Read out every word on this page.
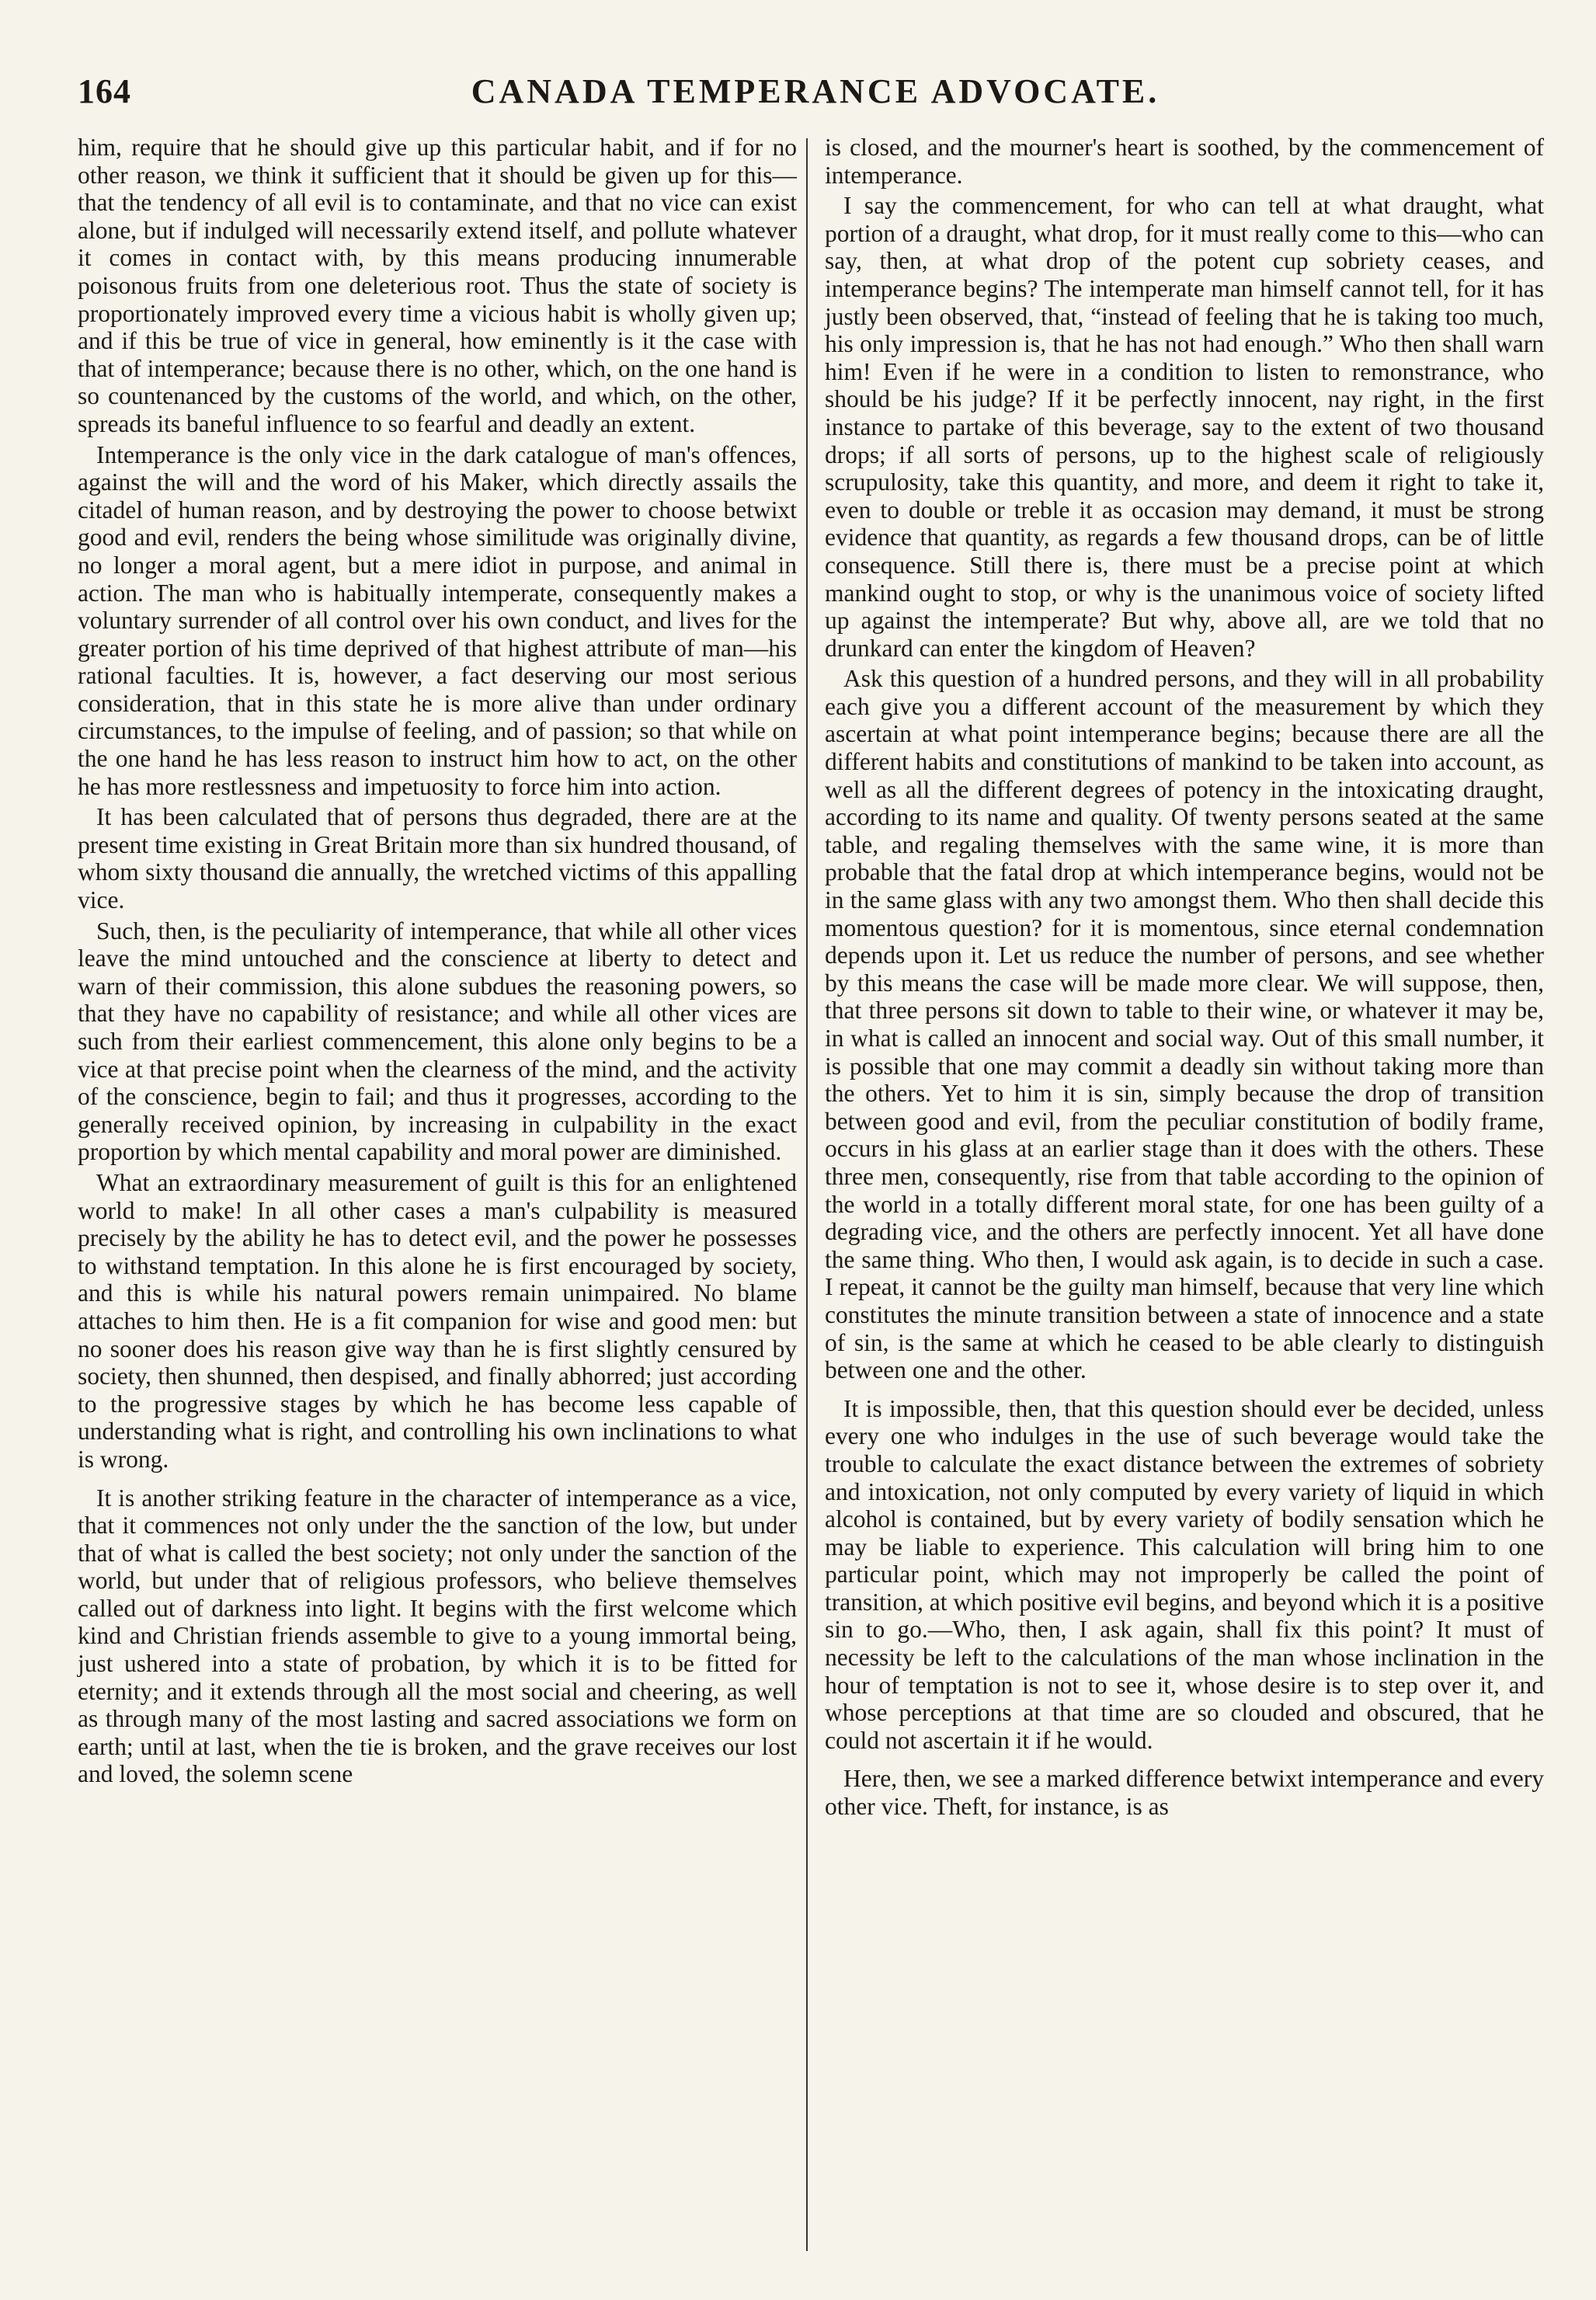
164	CANADA TEMPERANCE ADVOCATE.

him, require that he should give up this particular habit, and if for no other reason, we think it sufficient that it should be given up for this—that the tendency of all evil is to contaminate, and that no vice can exist alone, but if indulged will necessarily extend itself, and pollute whatever it comes in contact with, by this means producing innumerable poisonous fruits from one deleterious root. Thus the state of society is proportionately improved every time a vicious habit is wholly given up; and if this be true of vice in general, how eminently is it the case with that of intemperance; because there is no other, which, on the one hand is so countenanced by the customs of the world, and which, on the other, spreads its baneful influence to so fearful and deadly an extent.

Intemperance is the only vice in the dark catalogue of man's offences, against the will and the word of his Maker, which directly assails the citadel of human reason, and by destroying the power to choose betwixt good and evil, renders the being whose similitude was originally divine, no longer a moral agent, but a mere idiot in purpose, and animal in action. The man who is habitually intemperate, consequently makes a voluntary surrender of all control over his own conduct, and lives for the greater portion of his time deprived of that highest attribute of man—his rational faculties. It is, however, a fact deserving our most serious consideration, that in this state he is more alive than under ordinary circumstances, to the impulse of feeling, and of passion; so that while on the one hand he has less reason to instruct him how to act, on the other he has more restlessness and impetuosity to force him into action.

It has been calculated that of persons thus degraded, there are at the present time existing in Great Britain more than six hundred thousand, of whom sixty thousand die annually, the wretched victims of this appalling vice.

Such, then, is the peculiarity of intemperance, that while all other vices leave the mind untouched and the conscience at liberty to detect and warn of their commission, this alone subdues the reasoning powers, so that they have no capability of resistance; and while all other vices are such from their earliest commencement, this alone only begins to be a vice at that precise point when the clearness of the mind, and the activity of the conscience, begin to fail; and thus it progresses, according to the generally received opinion, by increasing in culpability in the exact proportion by which mental capability and moral power are diminished.

What an extraordinary measurement of guilt is this for an enlightened world to make! In all other cases a man's culpability is measured precisely by the ability he has to detect evil, and the power he possesses to withstand temptation. In this alone he is first encouraged by society, and this is while his natural powers remain unimpaired. No blame attaches to him then. He is a fit companion for wise and good men: but no sooner does his reason give way than he is first slightly censured by society, then shunned, then despised, and finally abhorred; just according to the progressive stages by which he has become less capable of understanding what is right, and controlling his own inclinations to what is wrong.

It is another striking feature in the character of intemperance as a vice, that it commences not only under the the sanction of the low, but under that of what is called the best society; not only under the sanction of the world, but under that of religious professors, who believe themselves called out of darkness into light. It begins with the first welcome which kind and Christian friends assemble to give to a young immortal being, just ushered into a state of probation, by which it is to be fitted for eternity; and it extends through all the most social and cheering, as well as through many of the most lasting and sacred associations we form on earth; until at last, when the tie is broken, and the grave receives our lost and loved, the solemn scene

is closed, and the mourner's heart is soothed, by the commencement of intemperance.

I say the commencement, for who can tell at what draught, what portion of a draught, what drop, for it must really come to this—who can say, then, at what drop of the potent cup sobriety ceases, and intemperance begins? The intemperate man himself cannot tell, for it has justly been observed, that, “instead of feeling that he is taking too much, his only impression is, that he has not had enough.” Who then shall warn him! Even if he were in a condition to listen to remonstrance, who should be his judge? If it be perfectly innocent, nay right, in the first instance to partake of this beverage, say to the extent of two thousand drops; if all sorts of persons, up to the highest scale of religiously scrupulosity, take this quantity, and more, and deem it right to take it, even to double or treble it as occasion may demand, it must be strong evidence that quantity, as regards a few thousand drops, can be of little consequence. Still there is, there must be a precise point at which mankind ought to stop, or why is the unanimous voice of society lifted up against the intemperate? But why, above all, are we told that no drunkard can enter the kingdom of Heaven?

Ask this question of a hundred persons, and they will in all probability each give you a different account of the measurement by which they ascertain at what point intemperance begins; because there are all the different habits and constitutions of mankind to be taken into account, as well as all the different degrees of potency in the intoxicating draught, according to its name and quality. Of twenty persons seated at the same table, and regaling themselves with the same wine, it is more than probable that the fatal drop at which intemperance begins, would not be in the same glass with any two amongst them. Who then shall decide this momentous question? for it is momentous, since eternal condemnation depends upon it. Let us reduce the number of persons, and see whether by this means the case will be made more clear. We will suppose, then, that three persons sit down to table to their wine, or whatever it may be, in what is called an innocent and social way. Out of this small number, it is possible that one may commit a deadly sin without taking more than the others. Yet to him it is sin, simply because the drop of transition between good and evil, from the peculiar constitution of bodily frame, occurs in his glass at an earlier stage than it does with the others. These three men, consequently, rise from that table according to the opinion of the world in a totally different moral state, for one has been guilty of a degrading vice, and the others are perfectly innocent. Yet all have done the same thing. Who then, I would ask again, is to decide in such a case. I repeat, it cannot be the guilty man himself, because that very line which constitutes the minute transition between a state of innocence and a state of sin, is the same at which he ceased to be able clearly to distinguish between one and the other.

It is impossible, then, that this question should ever be decided, unless every one who indulges in the use of such beverage would take the trouble to calculate the exact distance between the extremes of sobriety and intoxication, not only computed by every variety of liquid in which alcohol is contained, but by every variety of bodily sensation which he may be liable to experience. This calculation will bring him to one particular point, which may not improperly be called the point of transition, at which positive evil begins, and beyond which it is a positive sin to go.—Who, then, I ask again, shall fix this point? It must of necessity be left to the calculations of the man whose inclination in the hour of temptation is not to see it, whose desire is to step over it, and whose perceptions at that time are so clouded and obscured, that he could not ascertain it if he would.

Here, then, we see a marked difference betwixt intemperance and every other vice. Theft, for instance, is as
